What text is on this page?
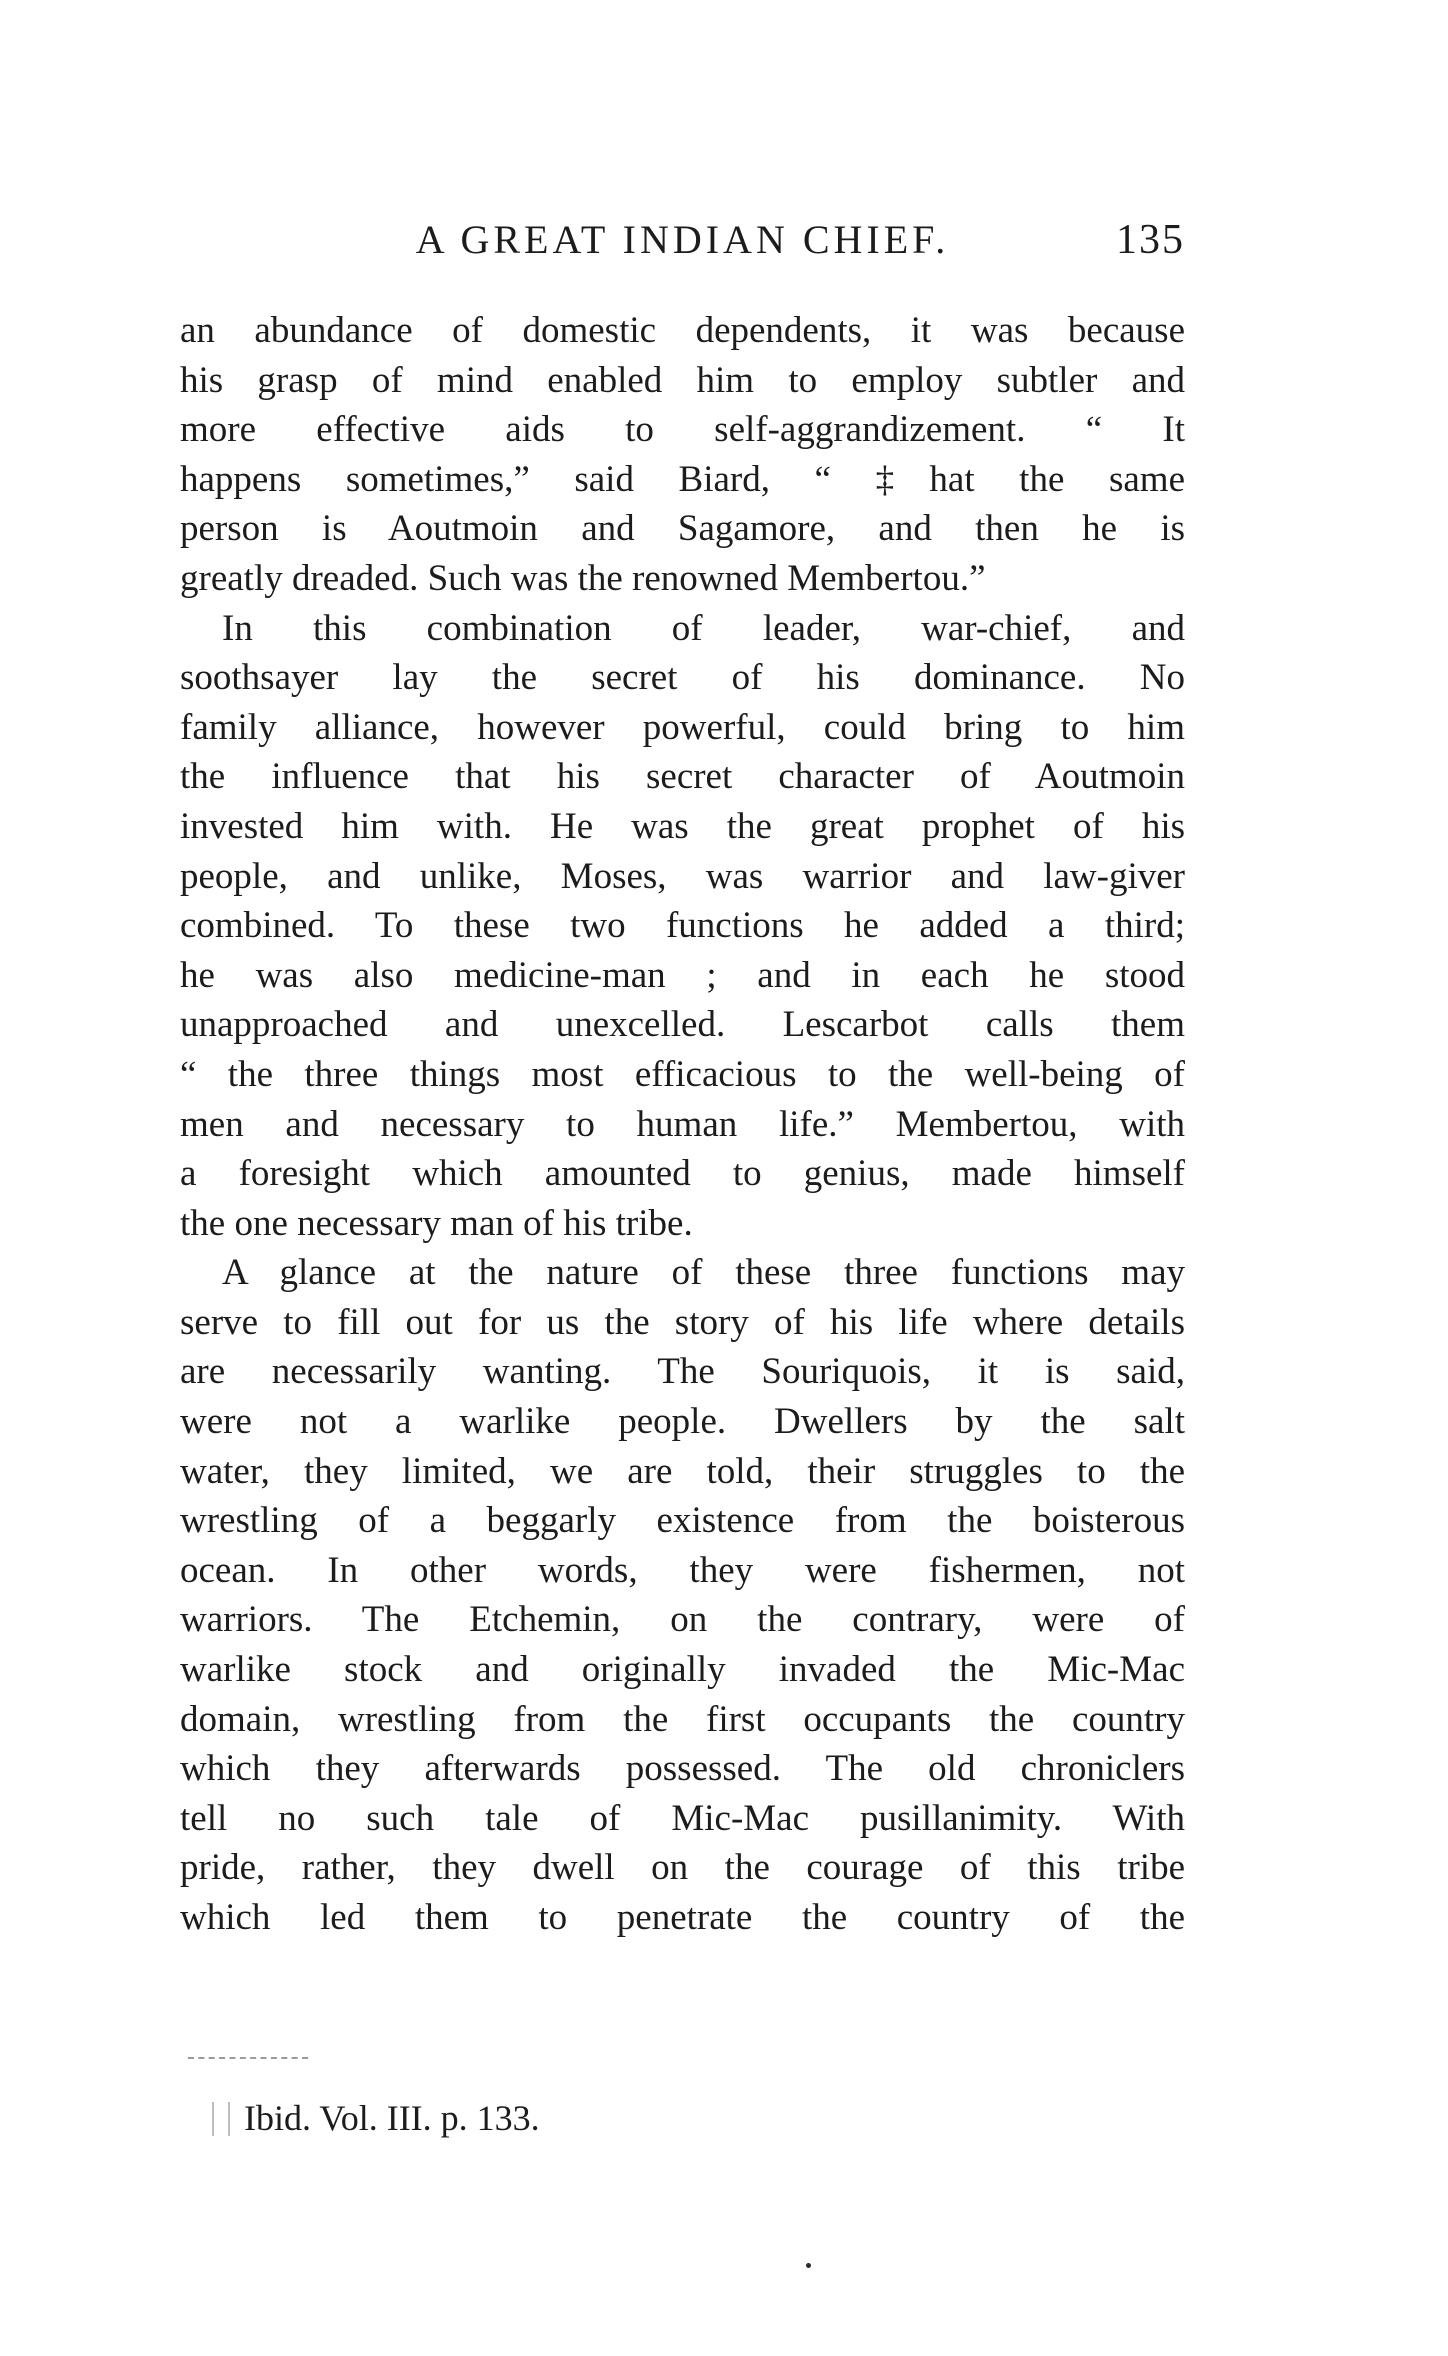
A GREAT INDIAN CHIEF.	135
an abundance of domestic dependents, it was because
his grasp of mind enabled him to employ subtler and
more effective aids to self-aggrandizement. “ It
happens sometimes,” said Biard, “ ‡hat the same
person is Aoutmoin and Sagamore, and then he is
greatly dreaded. Such was the renowned Membertou.”
In this combination of leader, war-chief, and
soothsayer lay the secret of his dominance. No
family alliance, however powerful, could bring to him
the influence that his secret character of Aoutmoin
invested him with. He was the great prophet of his
people, and unlike, Moses, was warrior and law-giver
combined. To these two functions he added a third;
he was also medicine-man ; and in each he stood
unapproached and unexcelled. Lescarbot calls them
“ the three things most efficacious to the well-being of
men and necessary to human life.” Membertou, with
a foresight which amounted to genius, made himself
the one necessary man of his tribe.
A glance at the nature of these three functions may
serve to fill out for us the story of his life where details
are necessarily wanting. The Souriquois, it is said,
were not a warlike people. Dwellers by the salt
water, they limited, we are told, their struggles to the
wrestling of a beggarly existence from the boisterous
ocean. In other words, they were fishermen, not
warriors. The Etchemin, on the contrary, were of
warlike stock and originally invaded the Mic-Mac
domain, wrestling from the first occupants the country
which they afterwards possessed. The old chroniclers
tell no such tale of Mic-Mac pusillanimity. With
pride, rather, they dwell on the courage of this tribe
which led them to penetrate the country of the
Ibid. Vol. III. p. 133.
